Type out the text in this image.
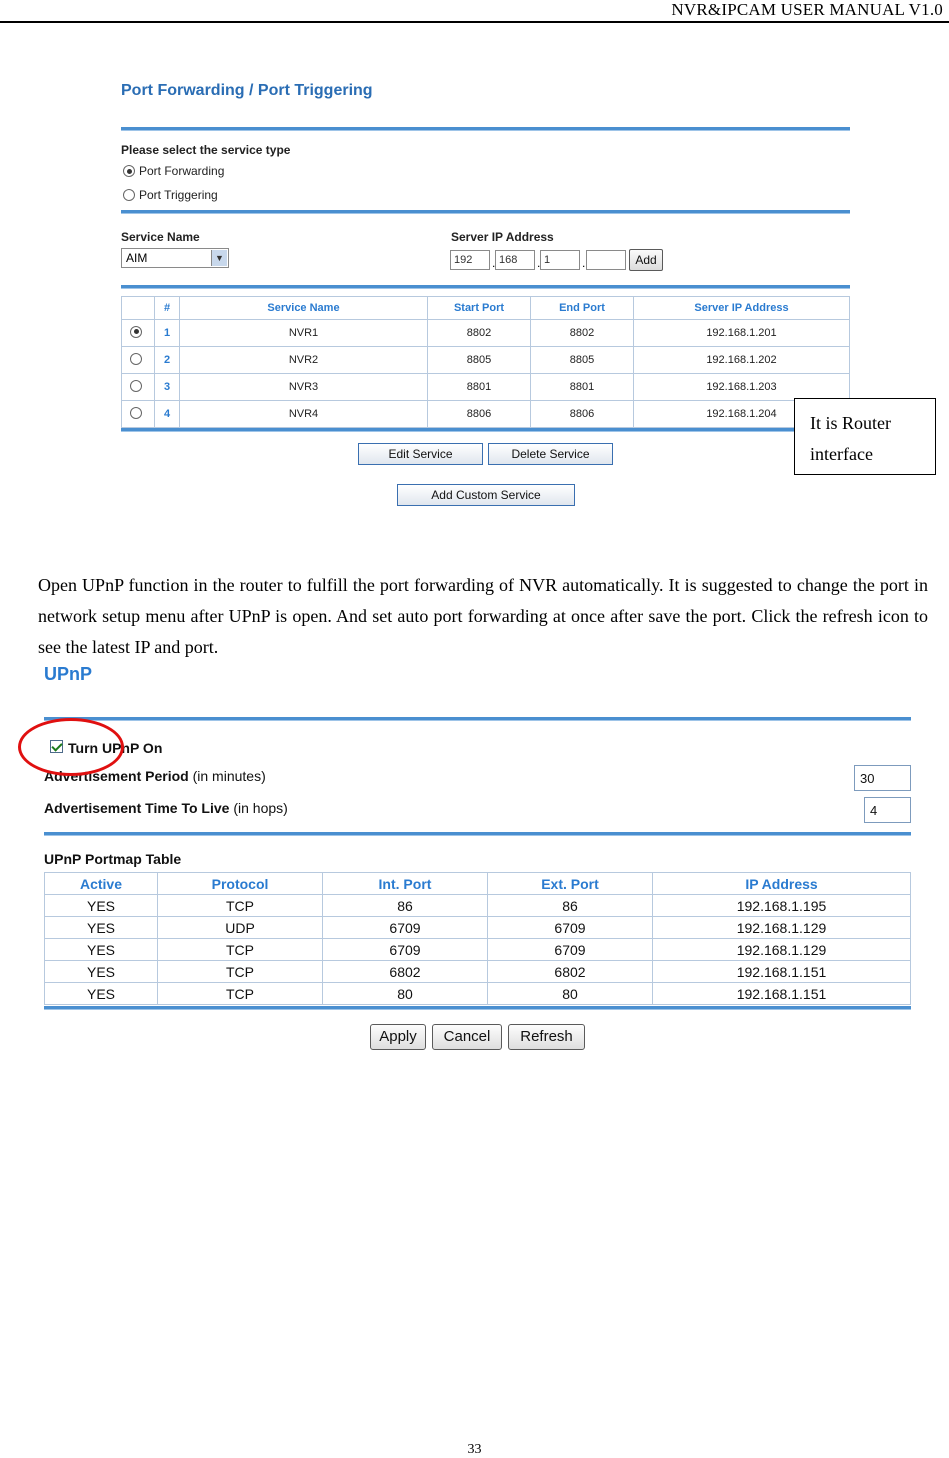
NVR&IPCAM USER MANUAL V1.0
Port Forwarding / Port Triggering
Please select the service type
Port Forwarding
Port Triggering
Service Name
AIM	▼
Server IP Address
192	. 168	. 1	.	Add
	#	Service Name	Start Port	End Port	Server IP Address
	1	NVR1	8802	8802	192.168.1.201
	2	NVR2	8805	8805	192.168.1.202
	3	NVR3	8801	8801	192.168.1.203
	4	NVR4	8806	8806	192.168.1.204
Edit Service	Delete Service
Add Custom Service
It is Router
interface
Open UPnP function in the router to fulfill the port forwarding of NVR automatically. It is suggested to change the port in network setup menu after UPnP is open. And set auto port forwarding at once after save the port. Click the refresh icon to see the latest IP and port.
UPnP
Turn UPnP On
Advertisement Period (in minutes)	30
Advertisement Time To Live (in hops)	4
UPnP Portmap Table
Active	Protocol	Int. Port	Ext. Port	IP Address
YES	TCP	86	86	192.168.1.195
YES	UDP	6709	6709	192.168.1.129
YES	TCP	6709	6709	192.168.1.129
YES	TCP	6802	6802	192.168.1.151
YES	TCP	80	80	192.168.1.151
Apply	Cancel	Refresh
33
